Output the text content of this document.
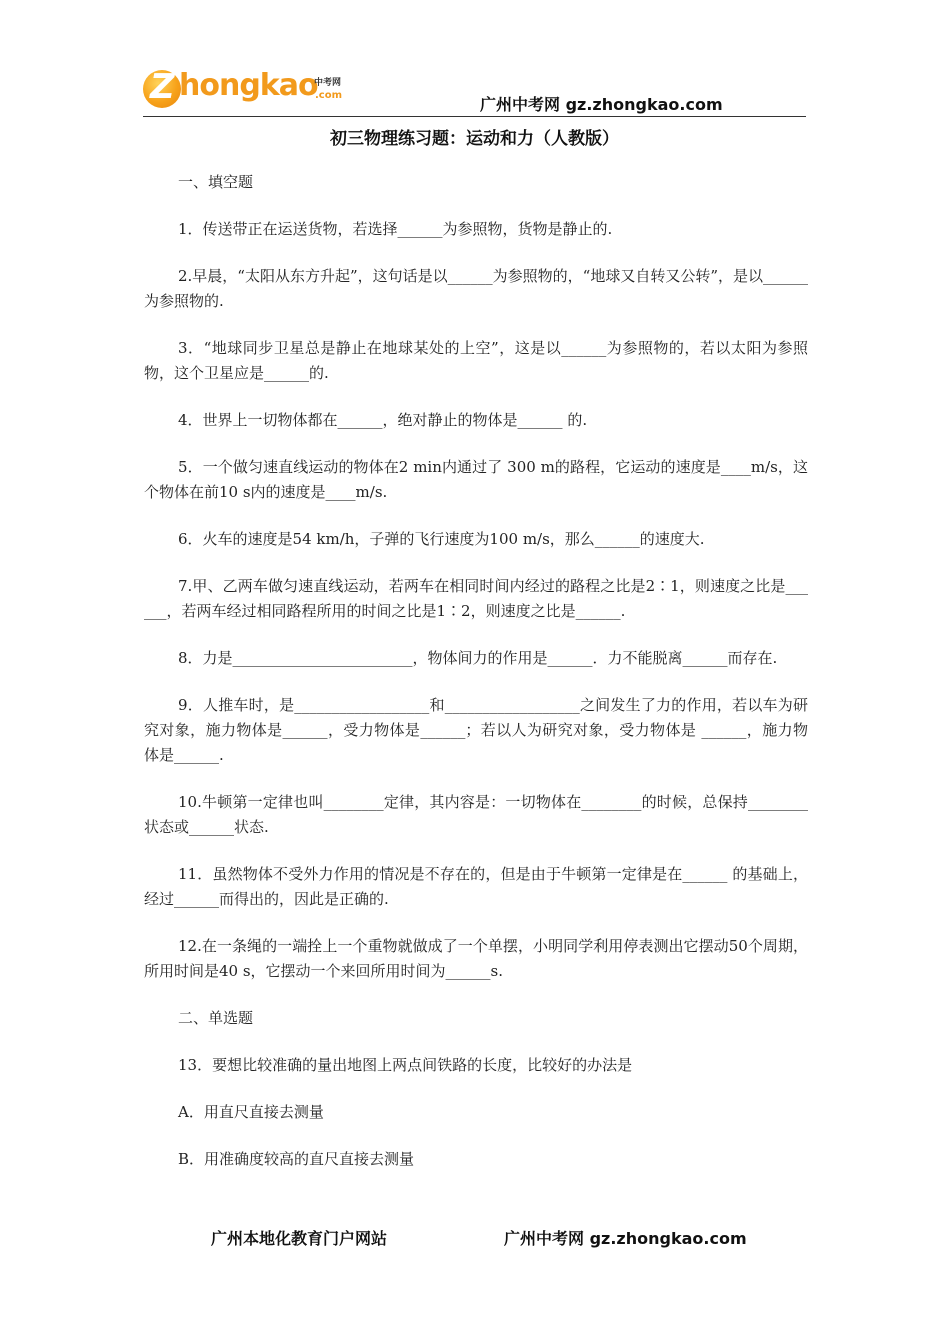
Z hongkao
中考网
.com	广州中考网 gz.zhongkao.com
初三物理练习题：运动和力（人教版）

一、填空题

1．传送带正在运送货物，若选择______为参照物，货物是静止的.

2.早晨，“太阳从东方升起”，这句话是以______为参照物的，“地球又自转又公转”，是以______为参照物的.

3．“地球同步卫星总是静止在地球某处的上空”，这是以______为参照物的，若以太阳为参照物，这个卫星应是______的.

4．世界上一切物体都在______，绝对静止的物体是______ 的.

5．一个做匀速直线运动的物体在2 min内通过了 300 m的路程，它运动的速度是____m/s，这个物体在前10 s内的速度是____m/s.

6．火车的速度是54 km/h，子弹的飞行速度为100 m/s，那么______的速度大.

7.甲、乙两车做匀速直线运动，若两车在相同时间内经过的路程之比是2∶1，则速度之比是______，若两车经过相同路程所用的时间之比是1∶2，则速度之比是______.

8．力是________________________，物体间力的作用是______．力不能脱离______而存在.

9．人推车时，是__________________和__________________之间发生了力的作用，若以车为研究对象，施力物体是______，受力物体是______；若以人为研究对象，受力物体是 ______，施力物体是______.

10.牛顿第一定律也叫________定律，其内容是：一切物体在________的时候，总保持________状态或______状态.

11．虽然物体不受外力作用的情况是不存在的，但是由于牛顿第一定律是在______ 的基础上，经过______而得出的，因此是正确的.

12.在一条绳的一端拴上一个重物就做成了一个单摆，小明同学利用停表测出它摆动50个周期，所用时间是40 s，它摆动一个来回所用时间为______s.

二、单选题

13．要想比较准确的量出地图上两点间铁路的长度，比较好的办法是

A．用直尺直接去测量

B．用准确度较高的直尺直接去测量

广州本地化教育门户网站	广州中考网 gz.zhongkao.com
